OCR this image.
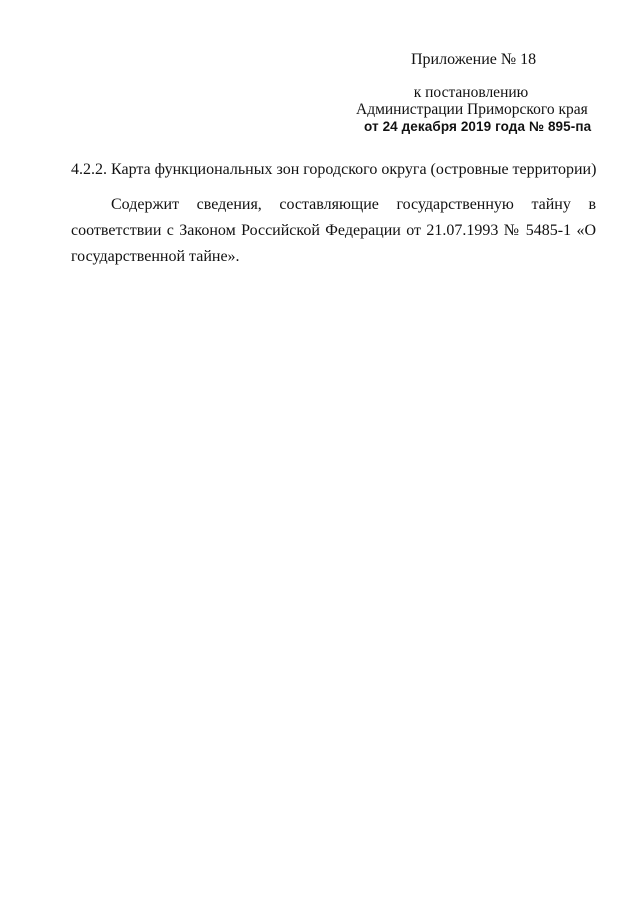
Приложение № 18
к постановлению
Администрации Приморского края
от 24 декабря 2019 года № 895-па
4.2.2. Карта функциональных зон городского округа (островные территории)
Содержит сведения, составляющие государственную тайну в соответствии с Законом Российской Федерации от 21.07.1993 № 5485-1 «О государственной тайне».
